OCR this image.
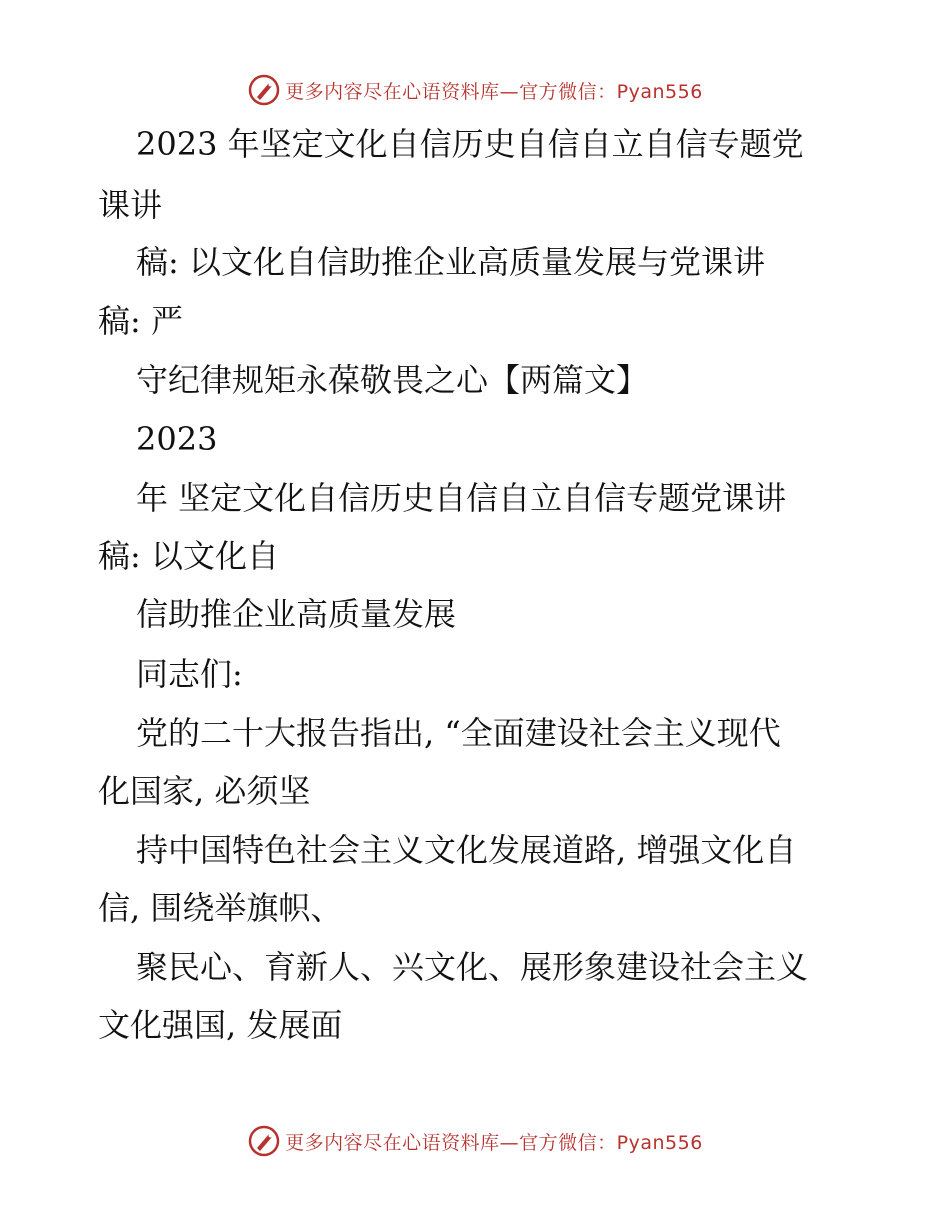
更多内容尽在心语资料库—官方微信：Pyan556
2023 年坚定文化自信历史自信自立自信专题党
课讲
稿: 以文化自信助推企业高质量发展与党课讲
稿: 严
守纪律规矩永葆敬畏之心【两篇文】
2023
年 坚定文化自信历史自信自立自信专题党课讲
稿: 以文化自
信助推企业高质量发展
同志们:
党的二十大报告指出, “全面建设社会主义现代
化国家, 必须坚
持中国特色社会主义文化发展道路, 增强文化自
信, 围绕举旗帜、
聚民心、育新人、兴文化、展形象建设社会主义
文化强国, 发展面
更多内容尽在心语资料库—官方微信：Pyan556
